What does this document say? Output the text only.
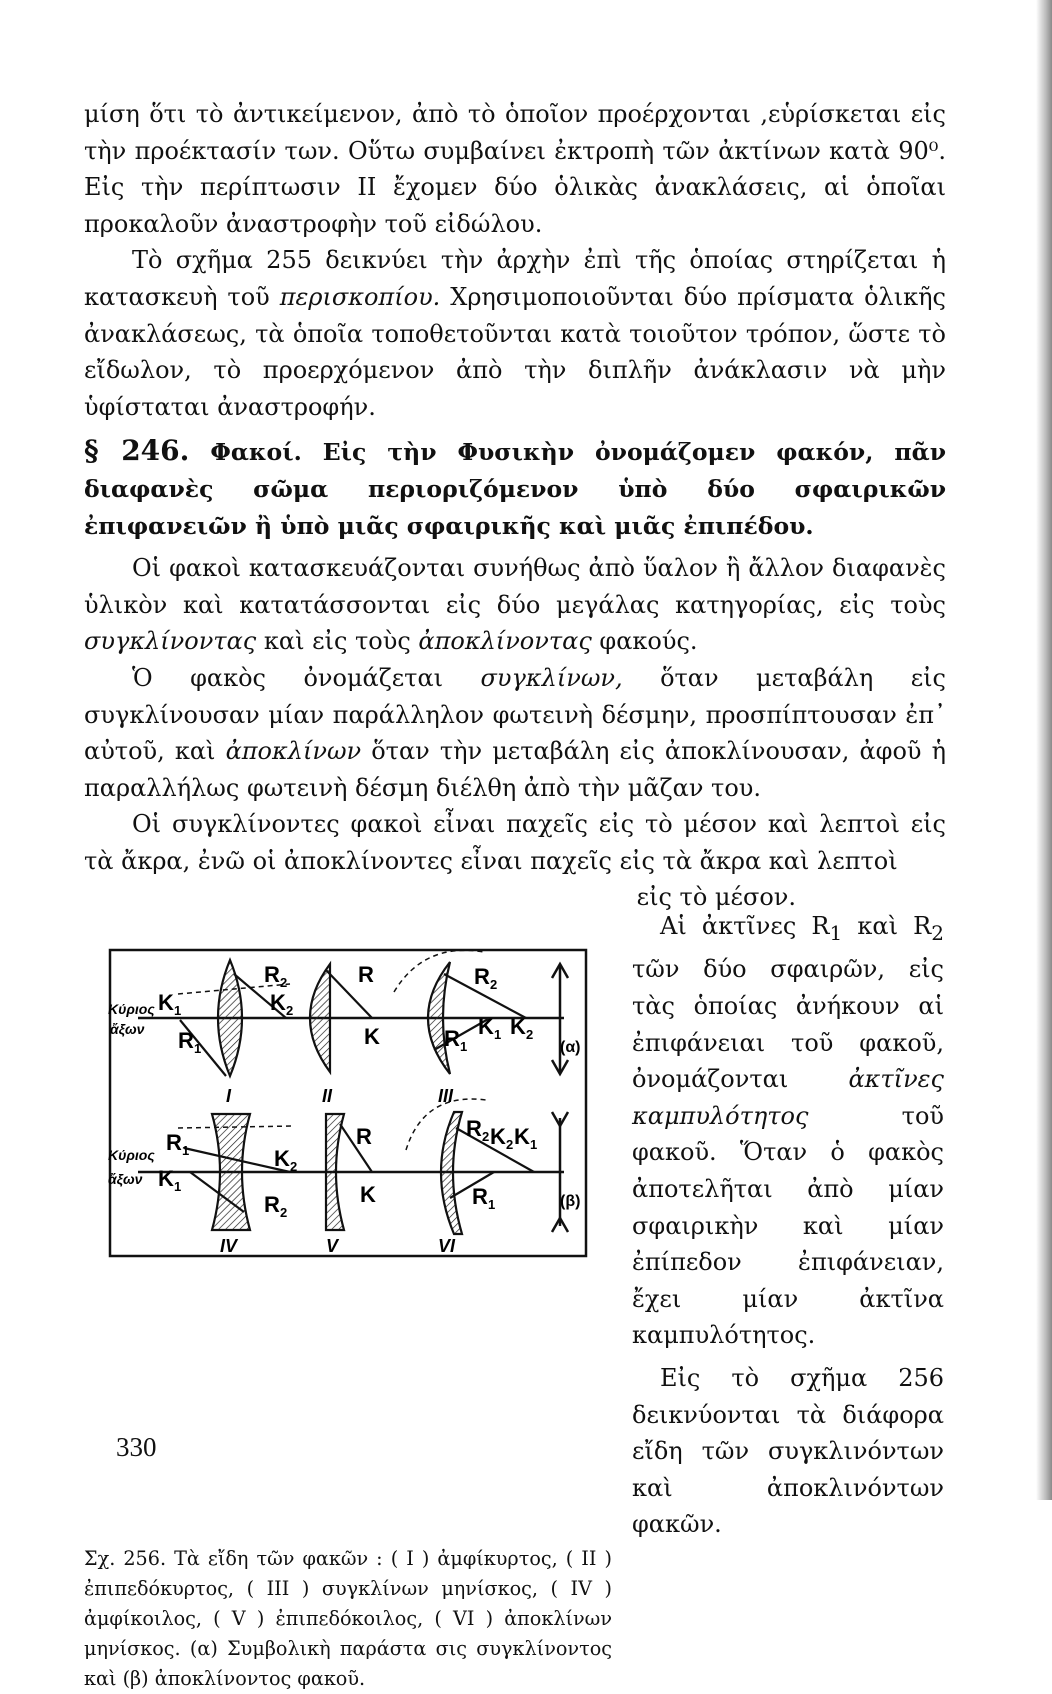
μίση ὅτι τὸ ἀντικείμενον, ἀπὸ τὸ ὁποῖον προέρχονται ,εὑρίσκεται εἰς τὴν προέκτασίν των. Οὕτω συμβαίνει ἐκτροπὴ τῶν ἀκτίνων κατὰ 90⁰. Εἰς τὴν περίπτωσιν II ἔχομεν δύο ὁλικὰς ἀνακλάσεις, αἱ ὁποῖαι προκαλοῦν ἀναστροφὴν τοῦ εἰδώλου.

Τὸ σχῆμα 255 δεικνύει τὴν ἀρχὴν ἐπὶ τῆς ὁποίας στηρίζεται ἡ κατασκευὴ τοῦ περισκοπίου. Χρησιμοποιοῦνται δύο πρίσματα ὁλικῆς ἀνακλάσεως, τὰ ὁποῖα τοποθετοῦνται κατὰ τοιοῦτον τρόπον, ὥστε τὸ εἴδωλον, τὸ προερχόμενον ἀπὸ τὴν διπλῆν ἀνάκλασιν νὰ μὴν ὑφίσταται ἀναστροφήν.

§ 246. Φακοί. Εἰς τὴν Φυσικὴν ὀνομάζομεν φακόν, πᾶν διαφανὲς σῶμα περιοριζόμενον ὑπὸ δύο σφαιρικῶν ἐπιφανειῶν ἢ ὑπὸ μιᾶς σφαιρικῆς καὶ μιᾶς ἐπιπέδου.

Οἱ φακοὶ κατασκευάζονται συνήθως ἀπὸ ὕαλον ἢ ἄλλον διαφανὲς ὑλικὸν καὶ κατατάσσονται εἰς δύο μεγάλας κατηγορίας, εἰς τοὺς συγκλίνοντας καὶ εἰς τοὺς ἀποκλίνοντας φακούς.

Ὁ φακὸς ὀνομάζεται συγκλίνων, ὅταν μεταβάλη εἰς συγκλίνουσαν μίαν παράλληλον φωτεινὴ δέσμην, προσπίπτουσαν ἐπ᾽ αὐτοῦ, καὶ ἀποκλίνων ὅταν τὴν μεταβάλη εἰς ἀποκλίνουσαν, ἀφοῦ ἡ παραλλήλως φωτεινὴ δέσμη διέλθη ἀπὸ τὴν μᾶζαν του.

Οἱ συγκλίνοντες φακοὶ εἶναι παχεῖς εἰς τὸ μέσον καὶ λεπτοὶ εἰς τὰ ἄκρα, ἐνῶ οἱ ἀποκλίνοντες εἶναι παχεῖς εἰς τὰ ἄκρα καὶ λεπτοὶ

εἰς τὸ μέσον.

Κύριος
ἄξων
K 1
R 1
R 2
K 2
I
R
K
II
R 2
R 1
K 1 K 2
III
(α)
Κύριος
ἄξων K 1
R 1	K 2
R 2
IV
R
K
V
R 2 K 2 K 1
R 1
VI
(β)
Σχ. 256. Τὰ εἴδη τῶν φακῶν : ( I ) ἀμφίκυρτος, ( II ) ἐπιπεδόκυρτος, ( III ) συγκλίνων μηνίσκος, ( IV ) ἀμφίκοιλος, ( V ) ἐπιπεδόκοιλος, ( VI ) ἀποκλίνων μηνίσκος. (α) Συμβολικὴ παράστα σις συγκλίνοντος καὶ (β) ἀποκλίνοντος φακοῦ.

Αἱ ἀκτῖνες $R_1$ καὶ $R_2$ τῶν δύο σφαιρῶν, εἰς τὰς ὁποίας ἀνήκουν αἱ ἐπιφάνειαι τοῦ φακοῦ, ὀνομάζονται ἀκτῖνες καμπυλότητος τοῦ φακοῦ. Ὅταν ὁ φακὸς ἀποτελῆται ἀπὸ μίαν σφαιρικὴν καὶ μίαν ἐπίπεδον ἐπιφάνειαν, ἔχει μίαν ἀκτῖνα καμπυλότητος.

Εἰς τὸ σχῆμα 256 δεικνύονται τὰ διάφορα εἴδη τῶν συγκλινόντων καὶ ἀποκλινόντων φακῶν.

330
